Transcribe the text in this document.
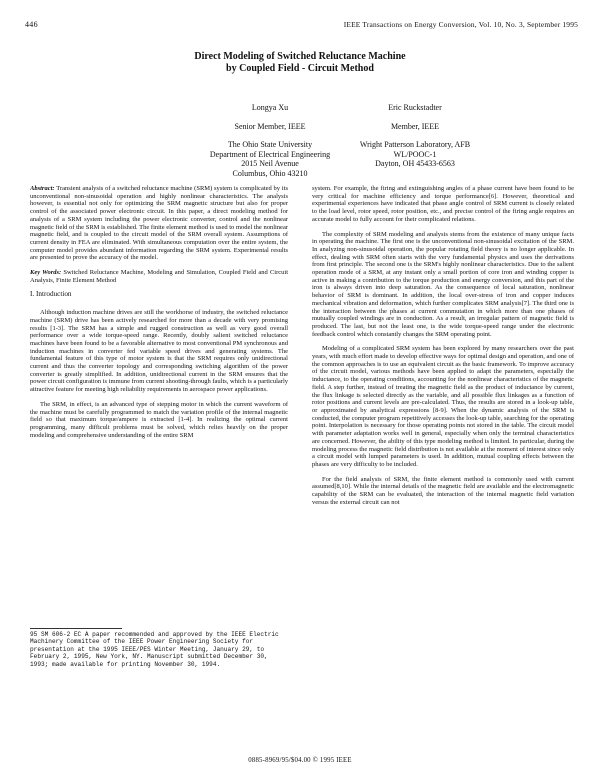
446	IEEE Transactions on Energy Conversion, Vol. 10, No. 3, September 1995
Direct Modeling of Switched Reluctance Machine
by Coupled Field - Circuit Method
Longya Xu
Senior Member, IEEE
The Ohio State University
Department of Electrical Engineering
2015 Neil Avenue
Columbus, Ohio 43210
Eric Ruckstadter
Member, IEEE
Wright Patterson Laboratory, AFB
WL/POOC-1
Dayton, OH 45433-6563

Abstract: Transient analysis of a switched reluctance machine (SRM) system is complicated by its unconventional non-sinusoidal operation and highly nonlinear characteristics. The analysis however, is essential not only for optimizing the SRM magnetic structure but also for proper control of the associated power electronic circuit. In this paper, a direct modeling method for analysis of a SRM system including the power electronic converter, control and the nonlinear magnetic field of the SRM is established. The finite element method is used to model the nonlinear magnetic field, and is coupled to the circuit model of the SRM overall system. Assumptions of current density in FEA are eliminated. With simultaneous computation over the entire system, the computer model provides abundant information regarding the SRM system. Experimental results are presented to prove the accuracy of the model.

Key Words: Switched Reluctance Machine, Modeling and Simulation, Coupled Field and Circuit Analysis, Finite Element Method

I. Introduction

Although induction machine drives are still the workhorse of industry, the switched reluctance machine (SRM) drive has been actively researched for more than a decade with very promising results [1-3]. The SRM has a simple and rugged construction as well as very good overall performance over a wide torque-speed range. Recently, doubly salient switched reluctance machines have been found to be a favorable alternative to most conventional PM synchronous and induction machines in converter fed variable speed drives and generating systems. The fundamental feature of this type of motor system is that the SRM requires only unidirectional current and thus the converter topology and corresponding switching algorithm of the power converter is greatly simplified. In addition, unidirectional current in the SRM ensures that the power circuit configuration is immune from current shooting-through faults, which is a particularly attractive feature for meeting high reliability requirements in aerospace power applications.

The SRM, in effect, is an advanced type of stepping motor in which the current waveform of the machine must be carefully programmed to match the variation profile of the internal magnetic field so that maximum torque/ampere is extracted [1-4]. In realizing the optimal current programming, many difficult problems must be solved, which relies heavily on the proper modeling and comprehensive understanding of the entire SRM

95 SM 606-2 EC A paper recommended and approved by the IEEE Electric Machinery Committee of the IEEE Power Engineering Society for presentation at the 1995 IEEE/PES Winter Meeting, January 29, to February 2, 1995, New York, NY. Manuscript submitted December 30, 1993; made available for printing November 30, 1994.

system. For example, the firing and extinguishing angles of a phase current have been found to be very critical for machine efficiency and torque performance[6]. However, theoretical and experimental experiences have indicated that phase angle control of SRM current is closely related to the load level, rotor speed, rotor position, etc., and precise control of the firing angle requires an accurate model to fully account for their complicated relations.

The complexity of SRM modeling and analysis stems from the existence of many unique facts in operating the machine. The first one is the unconventional non-sinusoidal excitation of the SRM. In analyzing non-sinusoidal operation, the popular rotating field theory is no longer applicable. In effect, dealing with SRM often starts with the very fundamental physics and uses the derivations from first principle. The second one is the SRM's highly nonlinear characteristics. Due to the salient operation mode of a SRM, at any instant only a small portion of core iron and winding copper is active in making a contribution to the torque production and energy conversion, and this part of the iron is always driven into deep saturation. As the consequence of local saturation, nonlinear behavior of SRM is dominant. In addition, the local over-stress of iron and copper induces mechanical vibration and deformation, which further complicates SRM analysis[7]. The third one is the interaction between the phases at current commutation in which more than one phases of mutually coupled windings are in conduction. As a result, an irregular pattern of magnetic field is produced. The last, but not the least one, is the wide torque-speed range under the electronic feedback control which constantly changes the SRM operating point.

Modeling of a complicated SRM system has been explored by many researchers over the past years, with much effort made to develop effective ways for optimal design and operation, and one of the common approaches is to use an equivalent circuit as the basic framework. To improve accuracy of the circuit model, various methods have been applied to adapt the parameters, especially the inductance, to the operating conditions, accounting for the nonlinear characteristics of the magnetic field. A step further, instead of treating the magnetic field as the product of inductance by current, the flux linkage is selected directly as the variable, and all possible flux linkages as a function of rotor positions and current levels are pre-calculated. Thus, the results are stored in a look-up table, or approximated by analytical expressions [8-9]. When the dynamic analysis of the SRM is conducted, the computer program repetitively accesses the look-up table, searching for the operating point. Interpolation is necessary for those operating points not stored in the table. The circuit model with parameter adaptation works well in general, especially when only the terminal characteristics are concerned. However, the ability of this type modeling method is limited. In particular, during the modeling process the magnetic field distribution is not available at the moment of interest since only a circuit model with lumped parameters is used. In addition, mutual coupling effects between the phases are very difficulty to be included.

For the field analysis of SRM, the finite element method is commonly used with current assumed[8,10]. While the internal details of the magnetic field are available and the electromagnetic capability of the SRM can be evaluated, the interaction of the internal magnetic field variation versus the external circuit can not

0885-8969/95/$04.00 © 1995 IEEE
